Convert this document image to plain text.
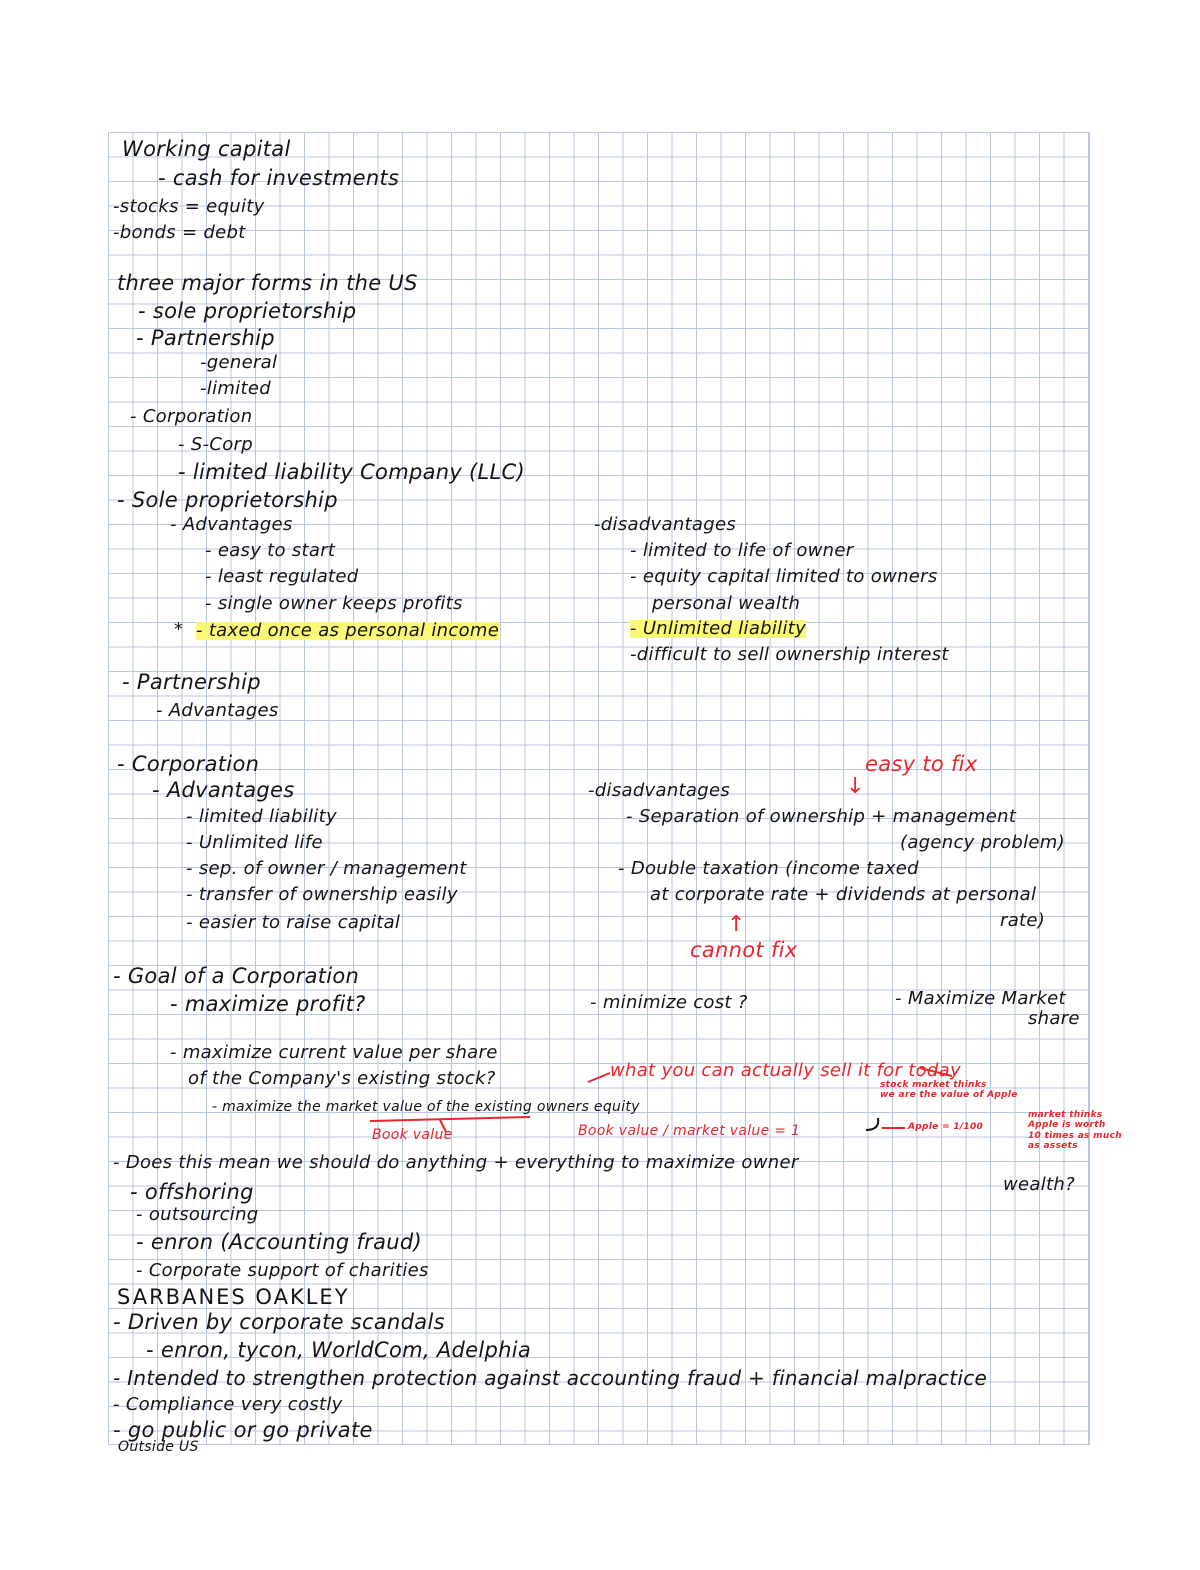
Working capital
- cash for investments
-stocks = equity
-bonds = debt
three major forms in the US
- sole proprietorship
- Partnership
-general
-limited
- Corporation
- S-Corp
- limited liability Company (LLC)
- Sole proprietorship
- Advantages
- easy to start
- least regulated
- single owner keeps profits
* - taxed once as personal income
-disadvantages
- limited to life of owner
- equity capital limited to owners
personal wealth
- Unlimited liability
-difficult to sell ownership interest
- Partnership
- Advantages
- Corporation
- Advantages
- limited liability
- Unlimited life
- sep. of owner / management
- transfer of ownership easily
- easier to raise capital
easy to fix
↓
-disadvantages
- Separation of ownership + management
(agency problem)
- Double taxation (income taxed
at corporate rate + dividends at personal
rate)
↑
cannot fix
- Goal of a Corporation
- maximize profit?	- minimize cost ?	- Maximize Market
share
- maximize current value per share
of the Company's existing stock?	what you can actually sell it for today
- maximize the market value of the existing owners equity
Book value	Book value / market value = 1
stock market thinks
we are the value of Apple
Apple = 1/100
market thinks
Apple is worth
10 times as much
as assets
- Does this mean we should do anything + everything to maximize owner
wealth?
- offshoring
- outsourcing
- enron (Accounting fraud)
- Corporate support of charities
SARBANES OAKLEY
- Driven by corporate scandals
- enron, tycon, WorldCom, Adelphia
- Intended to strengthen protection against accounting fraud + financial malpractice
- Compliance very costly
- go public or go private
Outside US
